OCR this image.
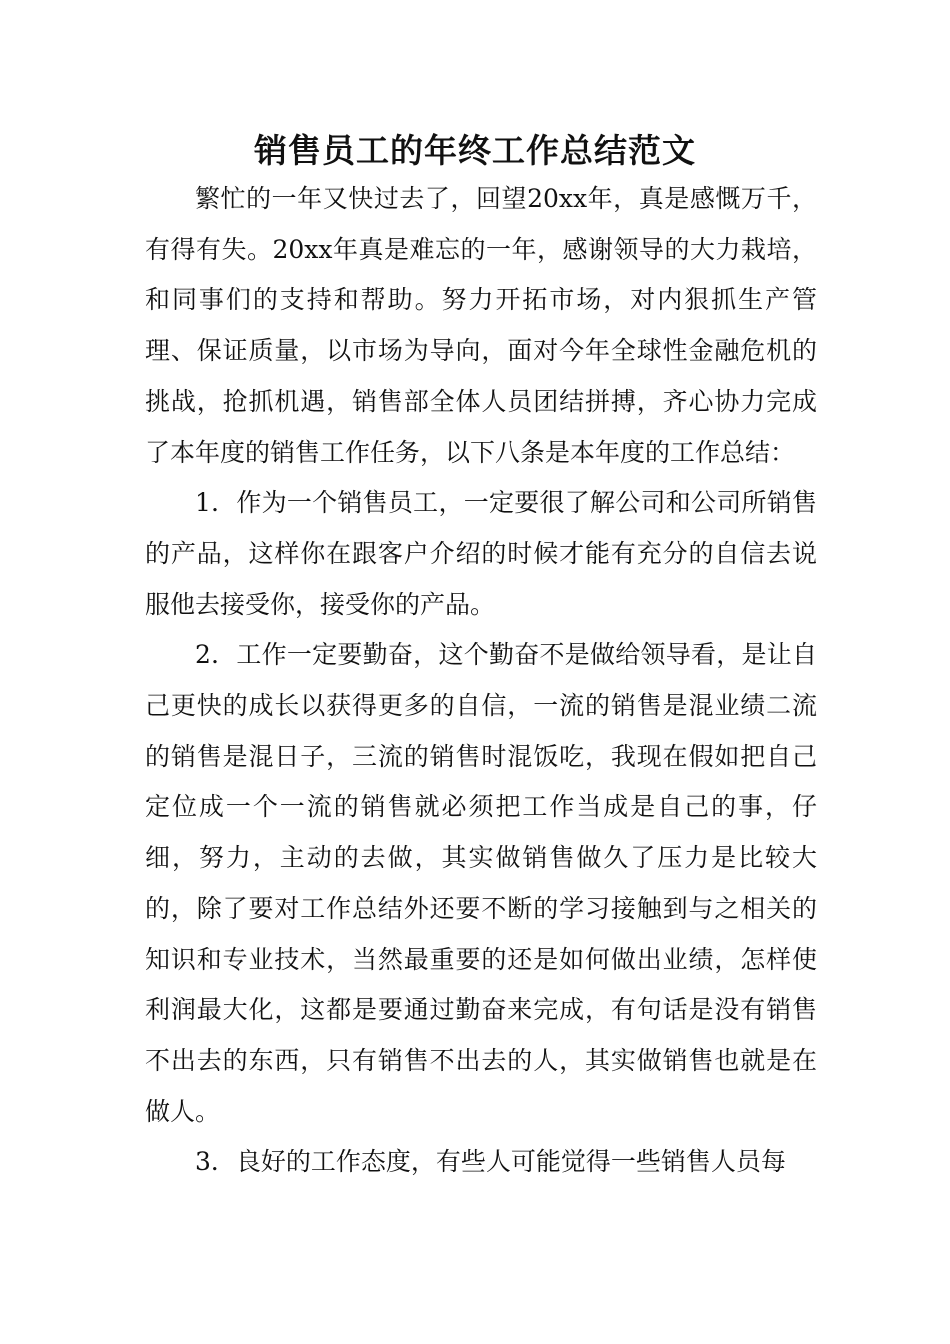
销售员工的年终工作总结范文

繁忙的一年又快过去了，回望20xx年，真是感慨万千，有得有失。20xx年真是难忘的一年，感谢领导的大力栽培，和同事们的支持和帮助。努力开拓市场，对内狠抓生产管理、保证质量，以市场为导向，面对今年全球性金融危机的挑战，抢抓机遇，销售部全体人员团结拼搏，齐心协力完成了本年度的销售工作任务，以下八条是本年度的工作总结：

1．作为一个销售员工，一定要很了解公司和公司所销售的产品，这样你在跟客户介绍的时候才能有充分的自信去说服他去接受你，接受你的产品。

2．工作一定要勤奋，这个勤奋不是做给领导看，是让自己更快的成长以获得更多的自信，一流的销售是混业绩二流的销售是混日子，三流的销售时混饭吃，我现在假如把自己定位成一个一流的销售就必须把工作当成是自己的事，仔细，努力，主动的去做，其实做销售做久了压力是比较大的，除了要对工作总结外还要不断的学习接触到与之相关的知识和专业技术，当然最重要的还是如何做出业绩，怎样使利润最大化，这都是要通过勤奋来完成，有句话是没有销售不出去的东西，只有销售不出去的人，其实做销售也就是在做人。

3．良好的工作态度，有些人可能觉得一些销售人员每
